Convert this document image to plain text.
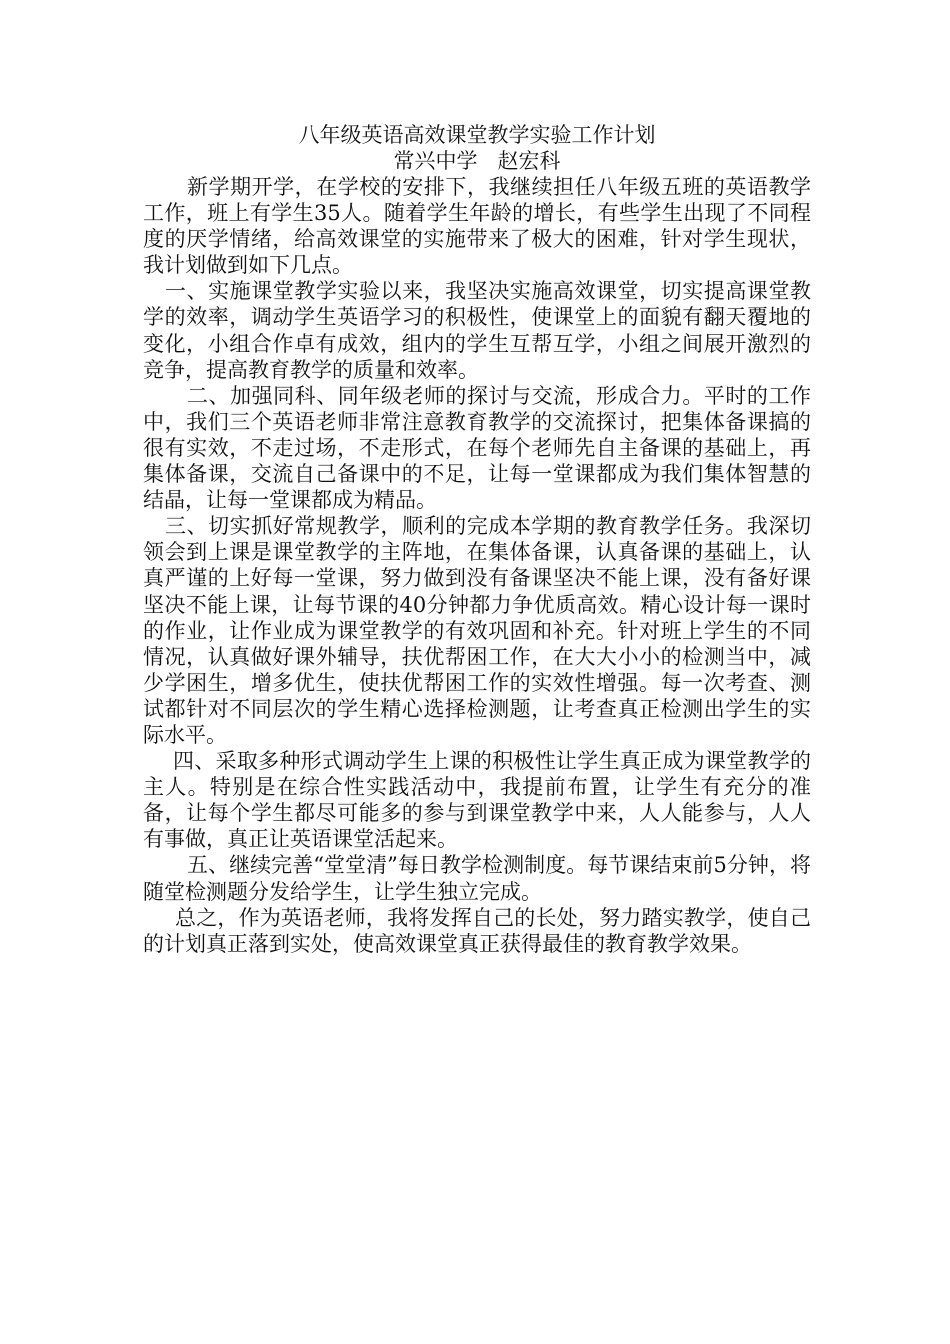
八年级英语高效课堂教学实验工作计划

常兴中学   赵宏科

新学期开学，在学校的安排下，我继续担任八年级五班的英语教学工作，班上有学生35人。随着学生年龄的增长，有些学生出现了不同程度的厌学情绪，给高效课堂的实施带来了极大的困难，针对学生现状，我计划做到如下几点。

一、实施课堂教学实验以来，我坚决实施高效课堂，切实提高课堂教学的效率，调动学生英语学习的积极性，使课堂上的面貌有翻天覆地的变化，小组合作卓有成效，组内的学生互帮互学，小组之间展开激烈的竞争，提高教育教学的质量和效率。

二、加强同科、同年级老师的探讨与交流，形成合力。平时的工作中，我们三个英语老师非常注意教育教学的交流探讨，把集体备课搞的很有实效，不走过场，不走形式，在每个老师先自主备课的基础上，再集体备课，交流自己备课中的不足，让每一堂课都成为我们集体智慧的结晶，让每一堂课都成为精品。

三、切实抓好常规教学，顺利的完成本学期的教育教学任务。我深切领会到上课是课堂教学的主阵地，在集体备课，认真备课的基础上，认真严谨的上好每一堂课，努力做到没有备课坚决不能上课，没有备好课坚决不能上课，让每节课的40分钟都力争优质高效。精心设计每一课时的作业，让作业成为课堂教学的有效巩固和补充。针对班上学生的不同情况，认真做好课外辅导，扶优帮困工作，在大大小小的检测当中，减少学困生，增多优生，使扶优帮困工作的实效性增强。每一次考查、测试都针对不同层次的学生精心选择检测题，让考查真正检测出学生的实际水平。

四、采取多种形式调动学生上课的积极性让学生真正成为课堂教学的主人。特别是在综合性实践活动中，我提前布置，让学生有充分的准备，让每个学生都尽可能多的参与到课堂教学中来，人人能参与，人人有事做，真正让英语课堂活起来。

五、继续完善“堂堂清”每日教学检测制度。每节课结束前5分钟，将随堂检测题分发给学生，让学生独立完成。

总之，作为英语老师，我将发挥自己的长处，努力踏实教学，使自己的计划真正落到实处，使高效课堂真正获得最佳的教育教学效果。
